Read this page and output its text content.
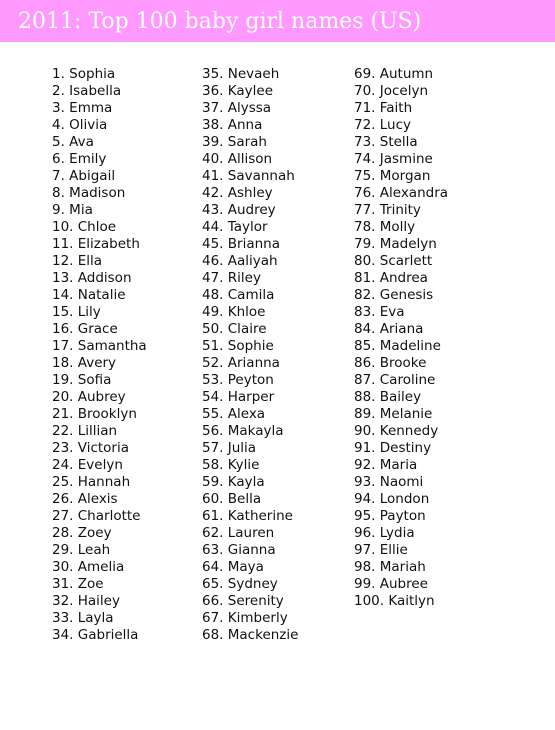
2011: Top 100 baby girl names (US)
1. Sophia
2. Isabella
3. Emma
4. Olivia
5. Ava
6. Emily
7. Abigail
8. Madison
9. Mia
10. Chloe
11. Elizabeth
12. Ella
13. Addison
14. Natalie
15. Lily
16. Grace
17. Samantha
18. Avery
19. Sofia
20. Aubrey
21. Brooklyn
22. Lillian
23. Victoria
24. Evelyn
25. Hannah
26. Alexis
27. Charlotte
28. Zoey
29. Leah
30. Amelia
31. Zoe
32. Hailey
33. Layla
34. Gabriella
35. Nevaeh
36. Kaylee
37. Alyssa
38. Anna
39. Sarah
40. Allison
41. Savannah
42. Ashley
43. Audrey
44. Taylor
45. Brianna
46. Aaliyah
47. Riley
48. Camila
49. Khloe
50. Claire
51. Sophie
52. Arianna
53. Peyton
54. Harper
55. Alexa
56. Makayla
57. Julia
58. Kylie
59. Kayla
60. Bella
61. Katherine
62. Lauren
63. Gianna
64. Maya
65. Sydney
66. Serenity
67. Kimberly
68. Mackenzie
69. Autumn
70. Jocelyn
71. Faith
72. Lucy
73. Stella
74. Jasmine
75. Morgan
76. Alexandra
77. Trinity
78. Molly
79. Madelyn
80. Scarlett
81. Andrea
82. Genesis
83. Eva
84. Ariana
85. Madeline
86. Brooke
87. Caroline
88. Bailey
89. Melanie
90. Kennedy
91. Destiny
92. Maria
93. Naomi
94. London
95. Payton
96. Lydia
97. Ellie
98. Mariah
99. Aubree
100. Kaitlyn
